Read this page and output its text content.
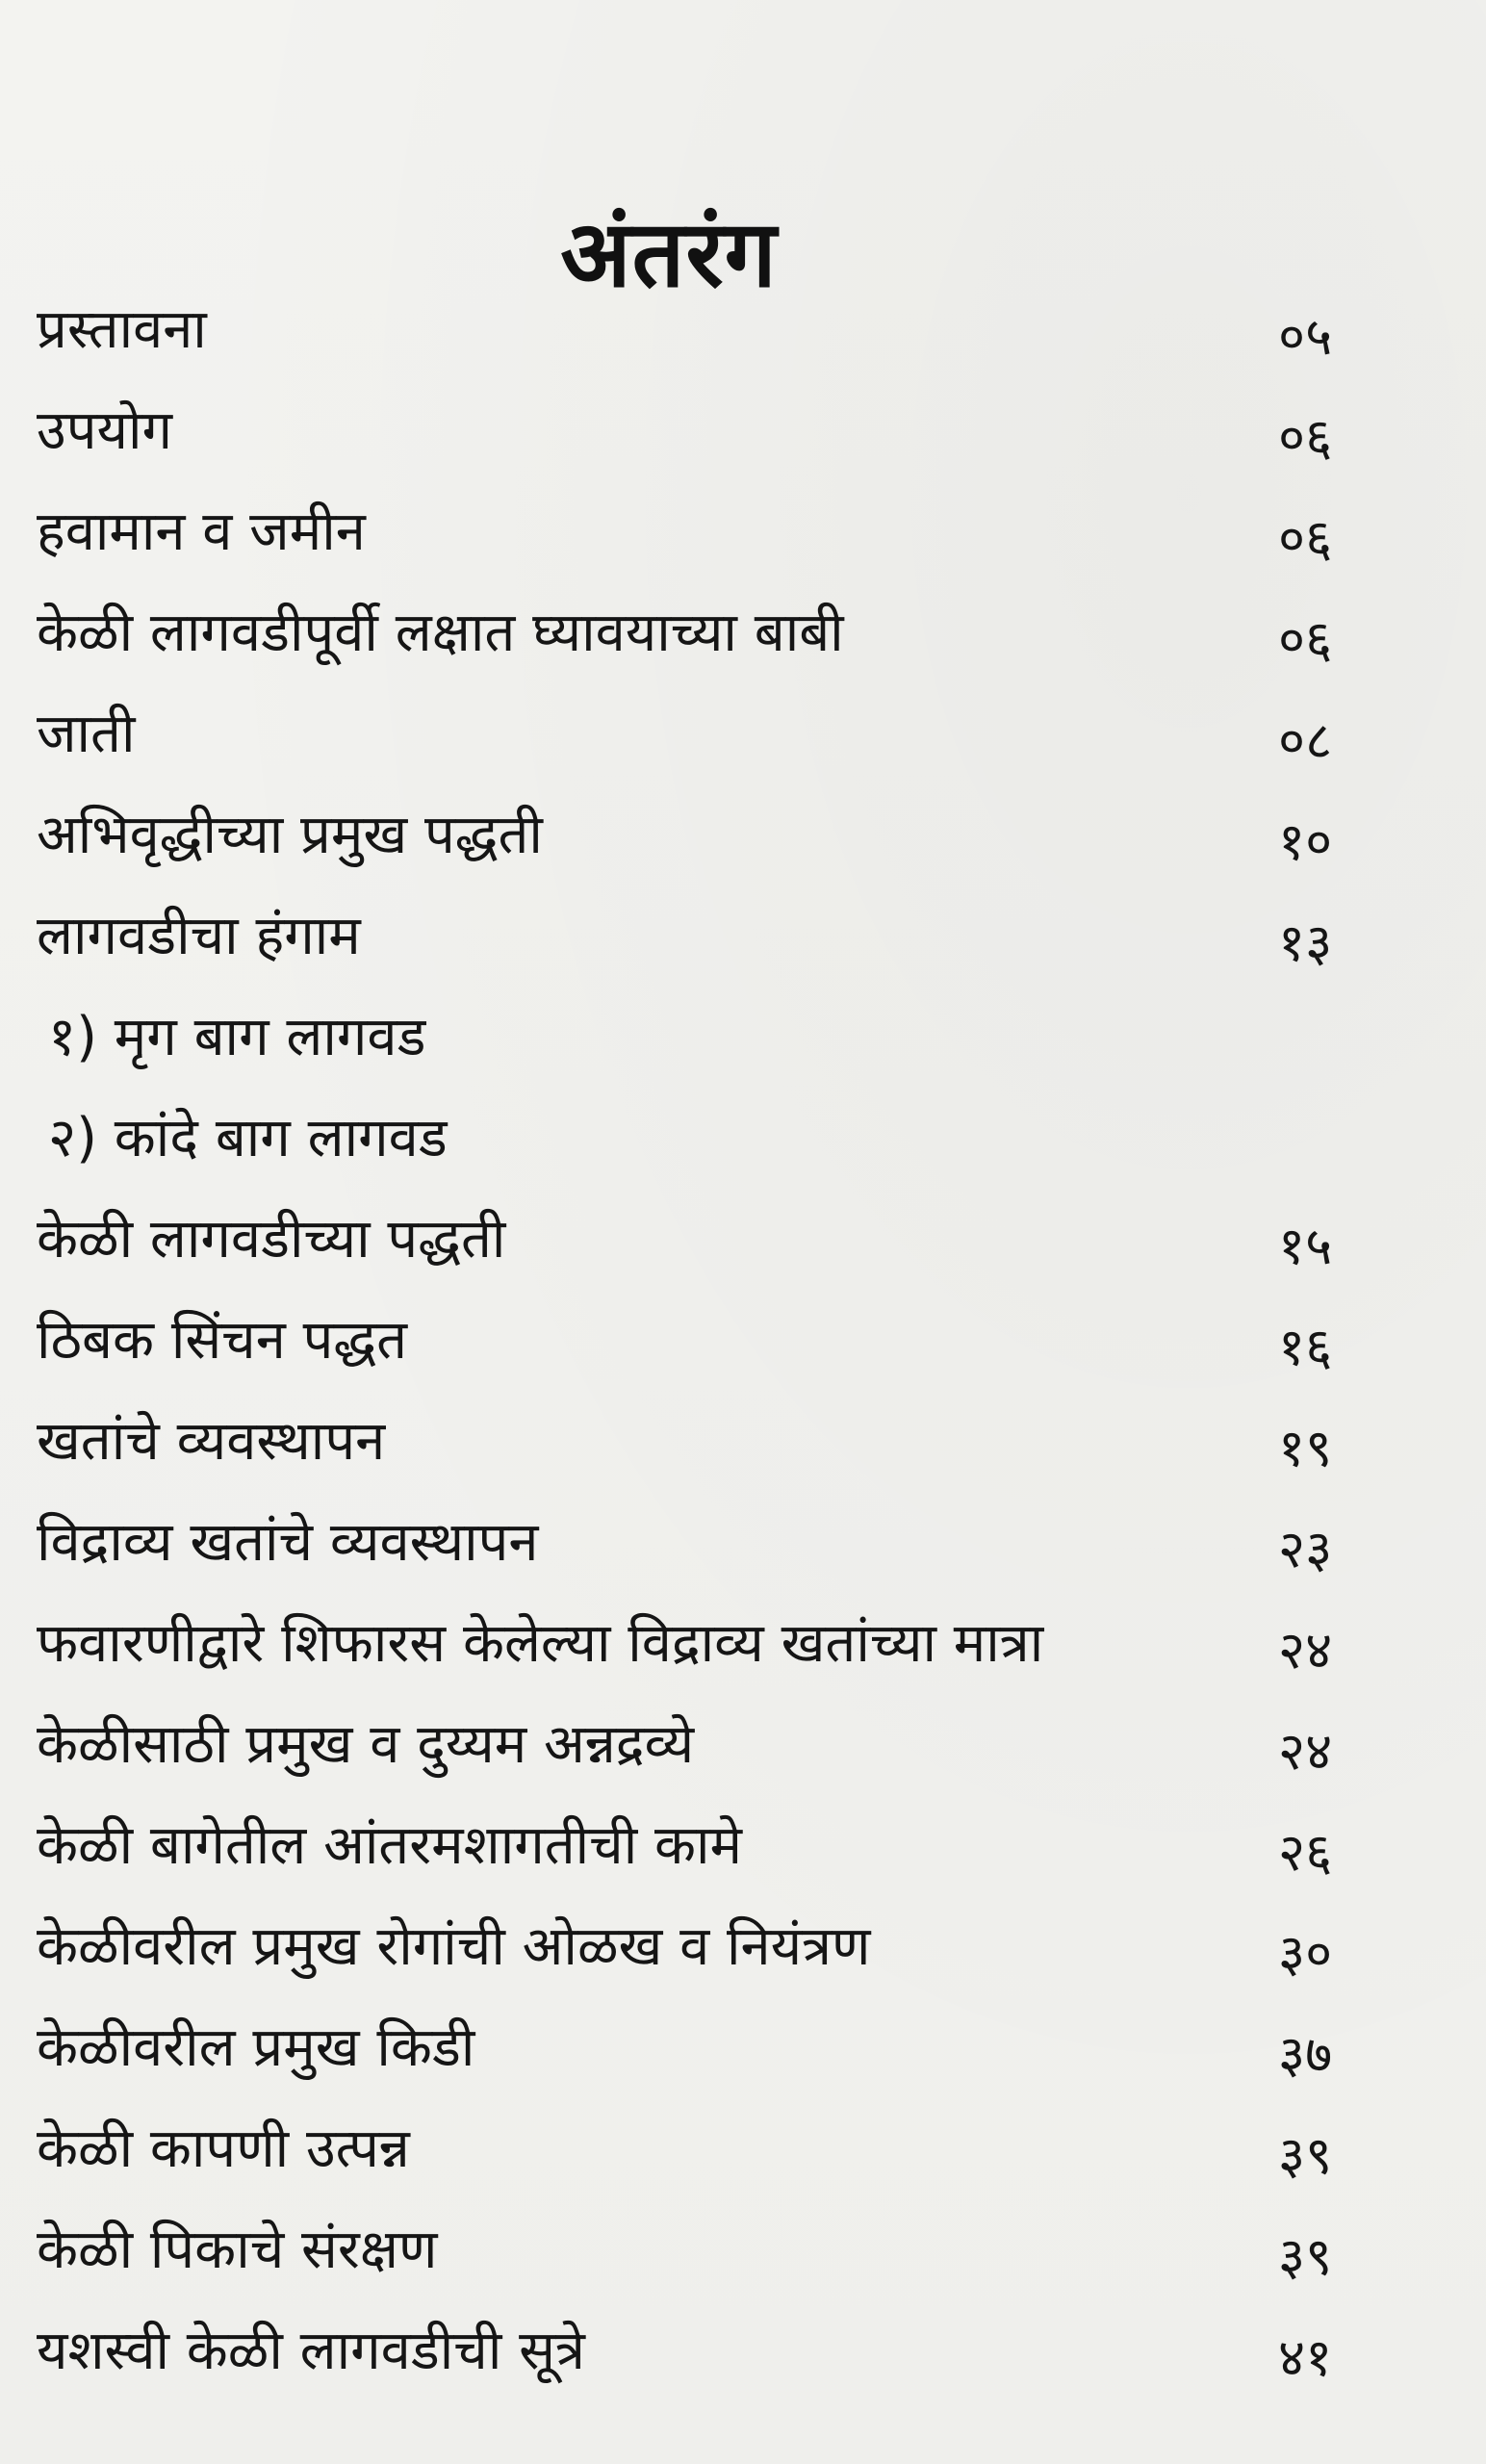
अंतरंग
प्रस्तावना	०५
उपयोग	०६
हवामान व जमीन	०६
केळी लागवडीपूर्वी लक्षात घ्यावयाच्या बाबी	०६
जाती	०८
अभिवृद्धीच्या प्रमुख पद्धती	१०
लागवडीचा हंगाम	१३
१) मृग बाग लागवड
२) कांदे बाग लागवड
केळी लागवडीच्या पद्धती	१५
ठिबक सिंचन पद्धत	१६
खतांचे व्यवस्थापन	१९
विद्राव्य खतांचे व्यवस्थापन	२३
फवारणीद्वारे शिफारस केलेल्या विद्राव्य खतांच्या मात्रा	२४
केळीसाठी प्रमुख व दुय्यम अन्नद्रव्ये	२४
केळी बागेतील आंतरमशागतीची कामे	२६
केळीवरील प्रमुख रोगांची ओळख व नियंत्रण	३०
केळीवरील प्रमुख किडी	३७
केळी कापणी उत्पन्न	३९
केळी पिकाचे संरक्षण	३९
यशस्वी केळी लागवडीची सूत्रे	४१
